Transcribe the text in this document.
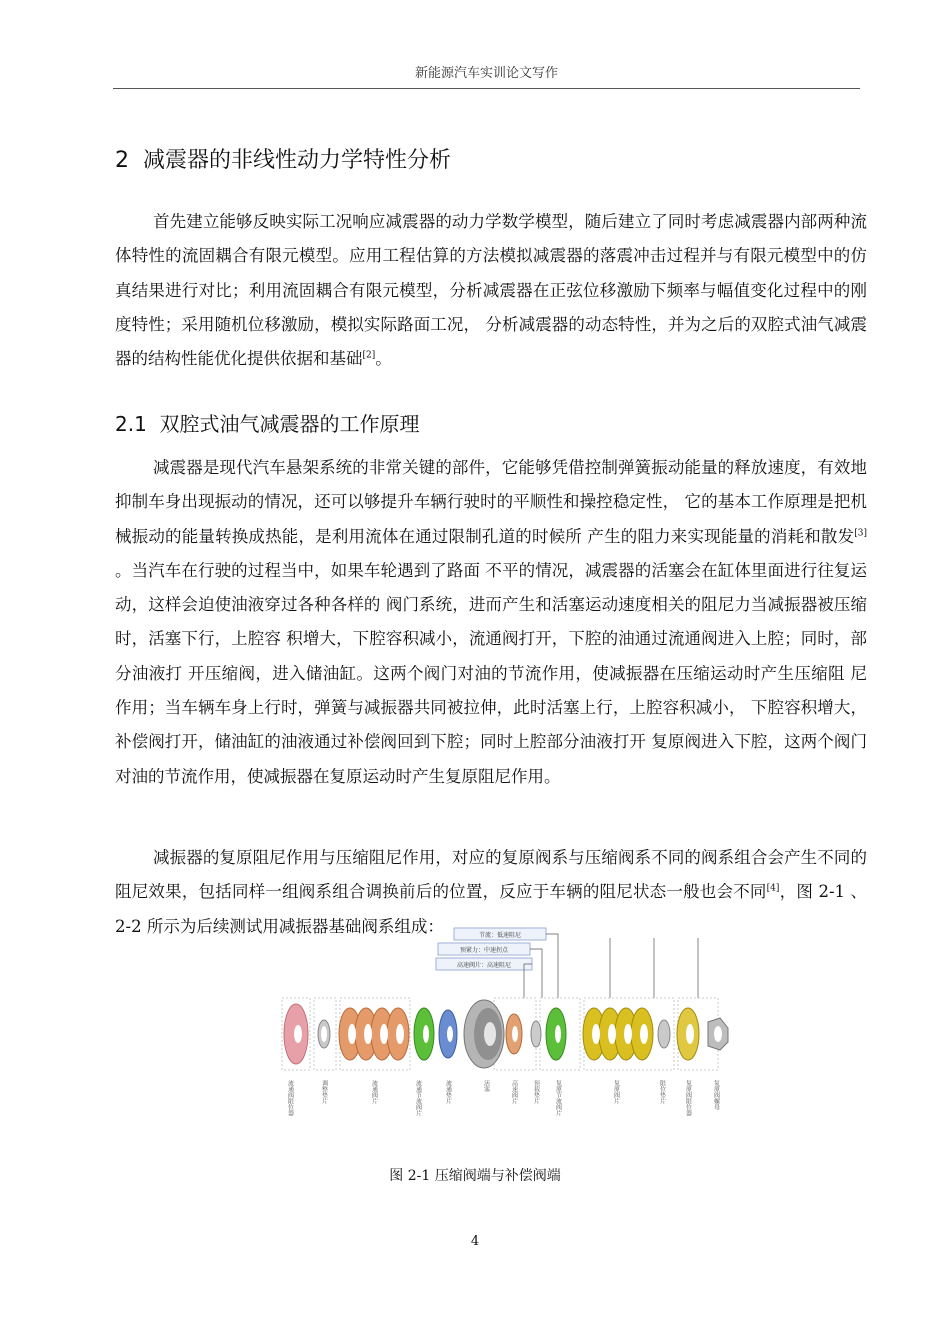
新能源汽车实训论文写作
2 减震器的非线性动力学特性分析

首先建立能够反映实际工况响应减震器的动力学数学模型，随后建立了同时考虑减震器内部两种流体特性的流固耦合有限元模型。应用工程估算的方法模拟减震器的落震冲击过程并与有限元模型中的仿真结果进行对比；利用流固耦合有限元模型，分析减震器在正弦位移激励下频率与幅值变化过程中的刚度特性；采用随机位移激励，模拟实际路面工况， 分析减震器的动态特性，并为之后的双腔式油气减震器的结构性能优化提供依据和基础[2]。

2.1 双腔式油气减震器的工作原理

减震器是现代汽车悬架系统的非常关键的部件，它能够凭借控制弹簧振动能量的释放速度，有效地抑制车身出现振动的情况，还可以够提升车辆行驶时的平顺性和操控稳定性， 它的基本工作原理是把机械振动的能量转换成热能，是利用流体在通过限制孔道的时候所 产生的阻力来实现能量的消耗和散发[3] 。当汽车在行驶的过程当中，如果车轮遇到了路面 不平的情况，减震器的活塞会在缸体里面进行往复运动，这样会迫使油液穿过各种各样的 阀门系统，进而产生和活塞运动速度相关的阻尼力当减振器被压缩时，活塞下行，上腔容 积增大，下腔容积减小，流通阀打开，下腔的油通过流通阀进入上腔；同时，部分油液打 开压缩阀，进入储油缸。这两个阀门对油的节流作用，使减振器在压缩运动时产生压缩阻 尼作用；当车辆车身上行时，弹簧与减振器共同被拉伸，此时活塞上行，上腔容积减小， 下腔容积增大，补偿阀打开，储油缸的油液通过补偿阀回到下腔；同时上腔部分油液打开 复原阀进入下腔，这两个阀门对油的节流作用，使减振器在复原运动时产生复原阻尼作用。

减振器的复原阻尼作用与压缩阻尼作用，对应的复原阀系与压缩阀系不同的阀系组合会产生不同的阻尼效果，包括同样一组阀系组合调换前后的位置，反应于车辆的阻尼状态一般也会不同[4]，图 2-1 、2-2 所示为后续测试用减振器基础阀系组成：	节流：低速阻尼
预紧力：中速拐点
高速阀片：高速阻尼
流通阀限位器	调整垫片	流通阀片	流通节流阀片	流通垫片	活塞	高速阀片	预载垫片	复原节流阀片	复原阀片	限位垫片	复原阀限位器	复原阀螺母
图 2-1 压缩阀端与补偿阀端
4
